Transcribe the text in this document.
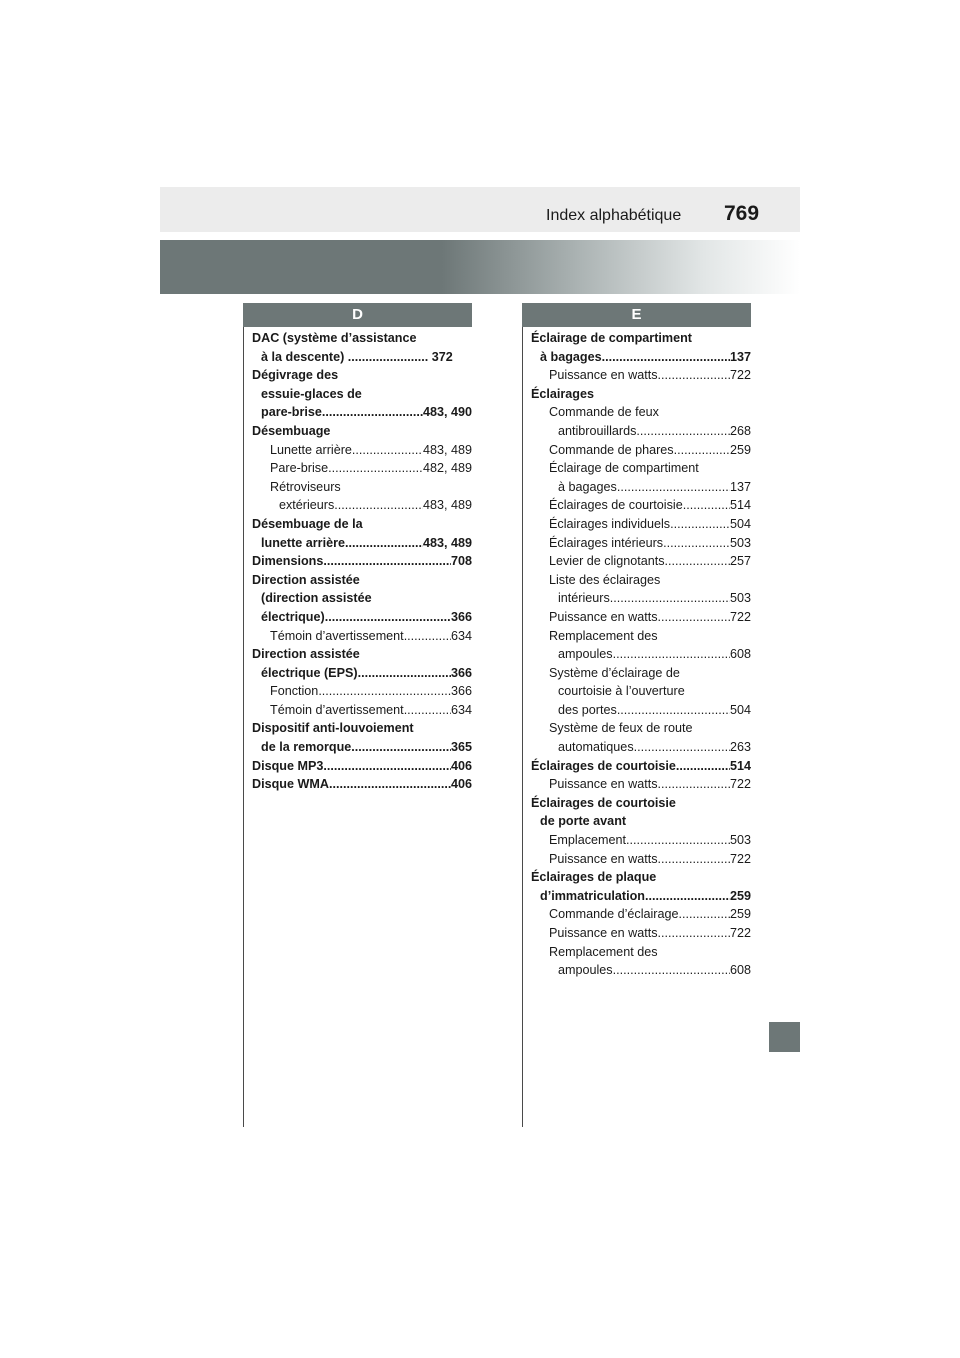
Index alphabétique 769
D	E
DAC (système d’assistance
à la descente) ....................... 372
Dégivrage des
essuie-glaces de
pare-brise .....	483, 490
Désembuage
Lunette arrière .....	483, 489
Pare-brise .....	482, 489
Rétroviseurs
extérieurs .....	483, 489
Désembuage de la
lunette arrière .....	483, 489
Dimensions .....	708
Direction assistée
(direction assistée
électrique) .....	366
Témoin d’avertissement .....	634
Direction assistée
électrique (EPS) .....	366
Fonction .....	366
Témoin d’avertissement .....	634
Dispositif anti-louvoiement
de la remorque .....	365
Disque MP3 .....	406
Disque WMA .....	406
Éclairage de compartiment
à bagages .....	137
Puissance en watts .....	722
Éclairages
Commande de feux
antibrouillards .....	268
Commande de phares .....	259
Éclairage de compartiment
à bagages .....	137
Éclairages de courtoisie .....	514
Éclairages individuels .....	504
Éclairages intérieurs .....	503
Levier de clignotants .....	257
Liste des éclairages
intérieurs .....	503
Puissance en watts .....	722
Remplacement des
ampoules .....	608
Système d’éclairage de
courtoisie à l’ouverture
des portes .....	504
Système de feux de route
automatiques .....	263
Éclairages de courtoisie .....	514
Puissance en watts .....	722
Éclairages de courtoisie
de porte avant
Emplacement .....	503
Puissance en watts .....	722
Éclairages de plaque
d’immatriculation .....	259
Commande d’éclairage .....	259
Puissance en watts .....	722
Remplacement des
ampoules .....	608
